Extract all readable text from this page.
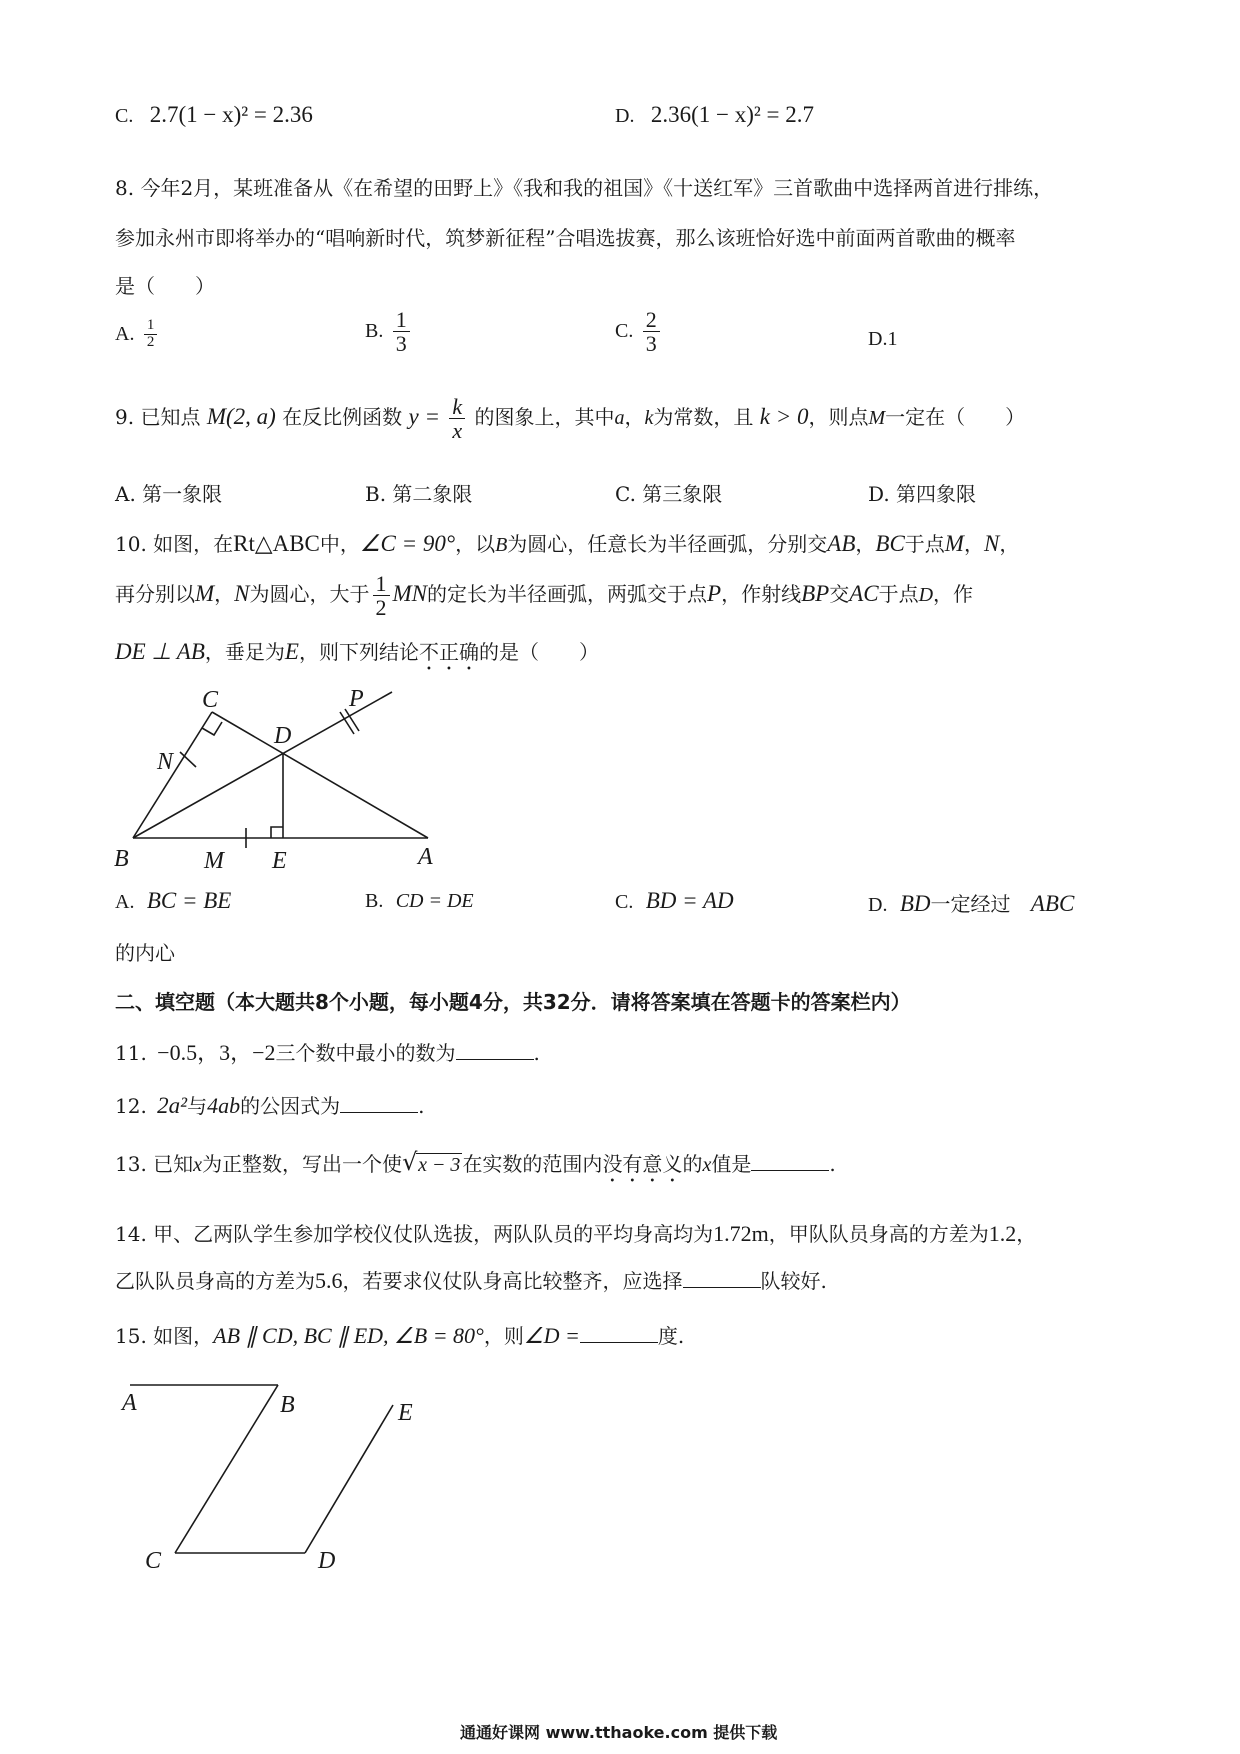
C. 2.7(1 − x)² = 2.36	D. 2.36(1 − x)² = 2.7
8. 今年2月，某班准备从《在希望的田野上》《我和我的祖国》《十送红军》三首歌曲中选择两首进行排练，
参加永州市即将举办的“唱响新时代，筑梦新征程”合唱选拔赛，那么该班恰好选中前面两首歌曲的概率
是（　　）
A. $\frac{1}{2}$	B. $\frac{1}{3}$	C. $\frac{2}{3}$	D.1
9. 已知点 M(2, a) 在反比例函数 $y = \frac{k}{x}$ 的图象上，其中a，k为常数，且 k > 0，则点M一定在（　　）
A. 第一象限	B. 第二象限	C. 第三象限	D. 第四象限
10. 如图，在Rt△ABC中，∠C = 90°，以B为圆心，任意长为半径画弧，分别交AB，BC于点M，N，
再分别以M，N为圆心，大于 $\frac{1}{2}$ MN的定长为半径画弧，两弧交于点P，作射线BP交AC于点D，作
DE ⊥ AB，垂足为E，则下列结论不正确的是（　　）
C	P
D
N
B	M E	A
A. BC = BE	B. CD = DE	C. BD = AD	D. BD一定经过 ABC
的内心
二、填空题（本大题共8个小题，每小题4分，共32分．请将答案填在答题卡的答案栏内）
11. −0.5，3，−2三个数中最小的数为	.
12. 2a²与4ab的公因式为	.
13. 已知x为正整数，写出一个使 √ x − 3 在实数的范围内没有意义的x值是	.
14. 甲、乙两队学生参加学校仪仗队选拔，两队队员的平均身高均为1.72m，甲队队员身高的方差为1.2，
乙队队员身高的方差为5.6，若要求仪仗队身高比较整齐，应选择	队较好.
15. 如图，AB ∥ CD, BC ∥ ED, ∠B = 80°，则∠D =	度.
A	B
C	D
E
通通好课网 www.tthaoke.com 提供下载
